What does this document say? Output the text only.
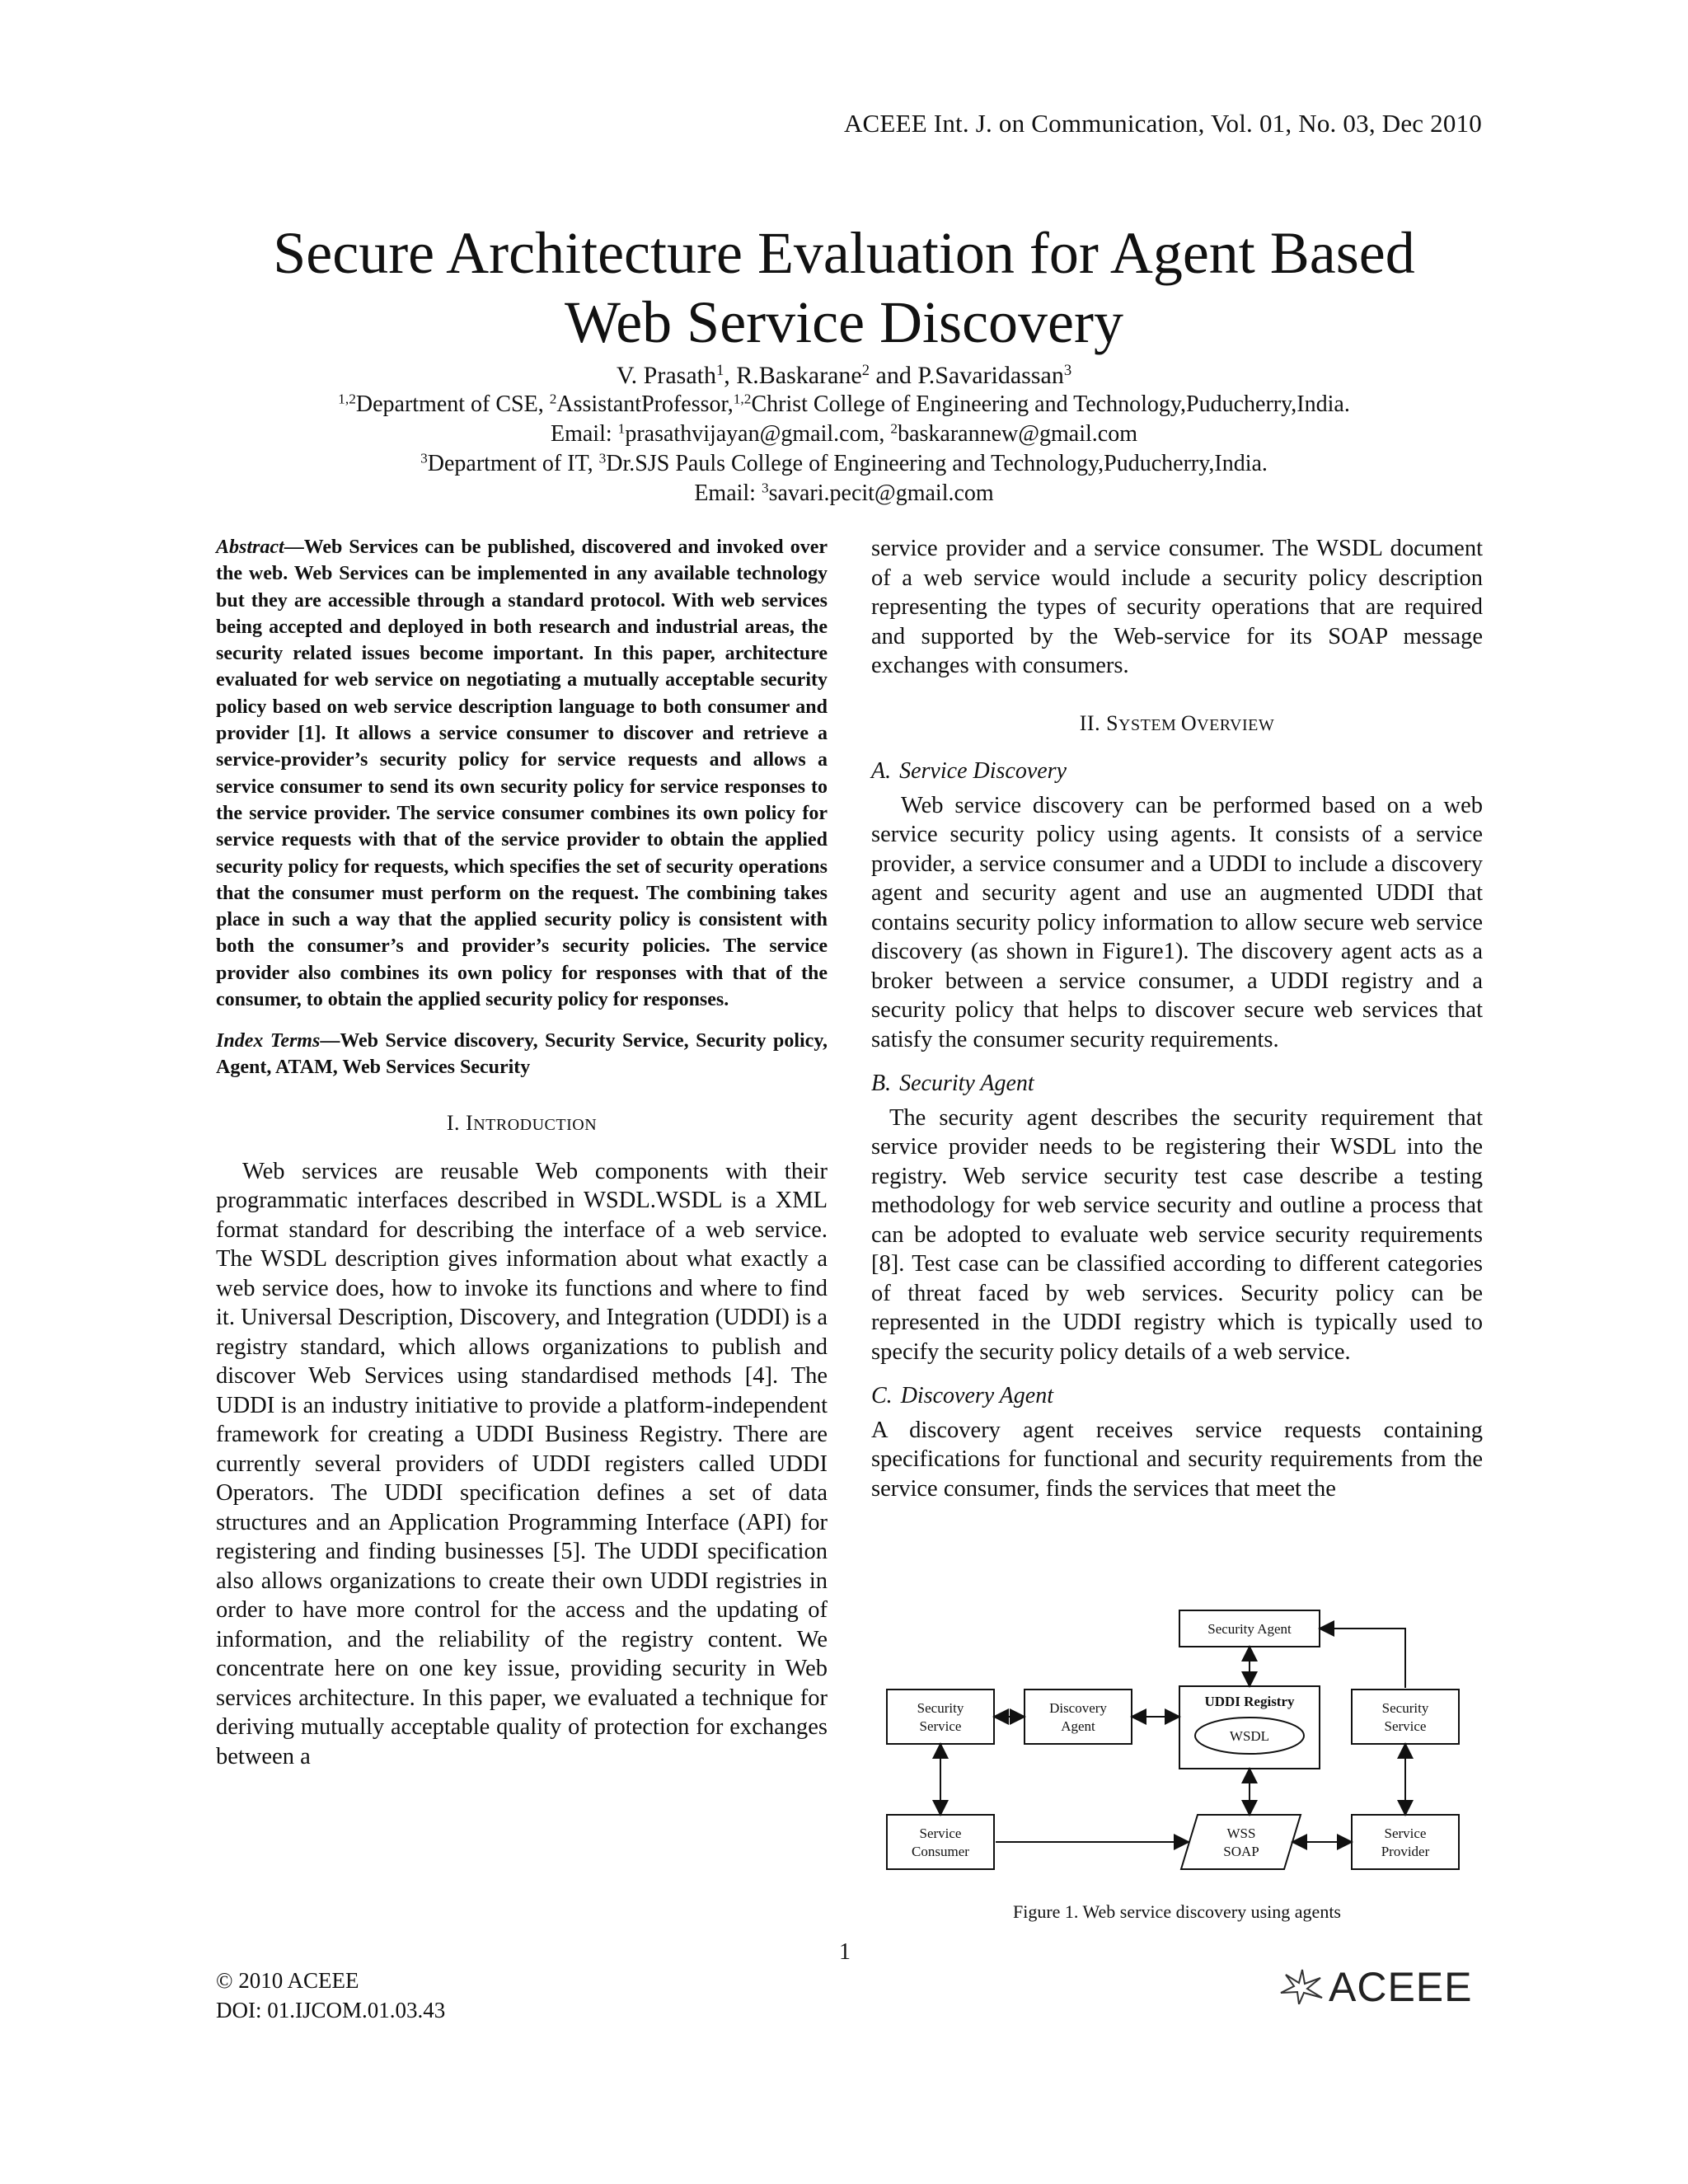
ACEEE Int. J. on Communication, Vol. 01, No. 03, Dec 2010
Secure Architecture Evaluation for Agent Based
Web Service Discovery
V. Prasath$^1$, R.Baskarane$^2$ and P.Savaridassan$^3$
$^{1,2}$Department of CSE, $^2$AssistantProfessor,$^{1,2}$Christ College of Engineering and Technology,Puducherry,India.
Email: $^1$prasathvijayan@gmail.com, $^2$baskarannew@gmail.com
$^3$Department of IT, $^3$Dr.SJS Pauls College of Engineering and Technology,Puducherry,India.
Email: $^3$savari.pecit@gmail.com

Abstract—Web Services can be published, discovered and invoked over the web. Web Services can be implemented in any available technology but they are accessible through a standard protocol. With web services being accepted and deployed in both research and industrial areas, the security related issues become important. In this paper, architecture evaluated for web service on negotiating a mutually acceptable security policy based on web service description language to both consumer and provider [1]. It allows a service consumer to discover and retrieve a service-provider’s security policy for service requests and allows a service consumer to send its own security policy for service responses to the service provider. The service consumer combines its own policy for service requests with that of the service provider to obtain the applied security policy for requests, which specifies the set of security operations that the consumer must perform on the request. The combining takes place in such a way that the applied security policy is consistent with both the consumer’s and provider’s security policies. The service provider also combines its own policy for responses with that of the consumer, to obtain the applied security policy for responses.

Index Terms—Web Service discovery, Security Service, Security policy, Agent, ATAM, Web Services Security

I. INTRODUCTION

Web services are reusable Web components with their programmatic interfaces described in WSDL.WSDL is a XML format standard for describing the interface of a web service. The WSDL description gives information about what exactly a web service does, how to invoke its functions and where to find it. Universal Description, Discovery, and Integration (UDDI) is a registry standard, which allows organizations to publish and discover Web Services using standardised methods [4]. The UDDI is an industry initiative to provide a platform-independent framework for creating a UDDI Business Registry. There are currently several providers of UDDI registers called UDDI Operators. The UDDI specification defines a set of data structures and an Application Programming Interface (API) for registering and finding businesses [5]. The UDDI specification also allows organizations to create their own UDDI registries in order to have more control for the access and the updating of information, and the reliability of the registry content. We concentrate here on one key issue, providing security in Web services architecture. In this paper, we evaluated a technique for deriving mutually acceptable quality of protection for exchanges between a

service provider and a service consumer. The WSDL document of a web service would include a security policy description representing the types of security operations that are required and supported by the Web-service for its SOAP message exchanges with consumers.

II. SYSTEM OVERVIEW
A. Service Discovery

Web service discovery can be performed based on a web service security policy using agents. It consists of a service provider, a service consumer and a UDDI to include a discovery agent and security agent and use an augmented UDDI that contains security policy information to allow secure web service discovery (as shown in Figure1). The discovery agent acts as a broker between a service consumer, a UDDI registry and a security policy that helps to discover secure web services that satisfy the consumer security requirements.

B. Security Agent

The security agent describes the security requirement that service provider needs to be registering their WSDL into the registry. Web service security test case describe a testing methodology for web service security and outline a process that can be adopted to evaluate web service security requirements [8]. Test case can be classified according to different categories of threat faced by web services. Security policy can be represented in the UDDI registry which is typically used to specify the security policy details of a web service.

C. Discovery Agent

A discovery agent receives service requests containing specifications for functional and security requirements from the service consumer, finds the services that meet the

Security Agent
Security
Service
Discovery
Agent
UDDI Registry
WSDL
Security
Service
Service
Consumer
WSS
SOAP
Service
Provider
Figure 1. Web service discovery using agents
1
© 2010 ACEEE
DOI: 01.IJCOM.01.03.43	ACEEE
